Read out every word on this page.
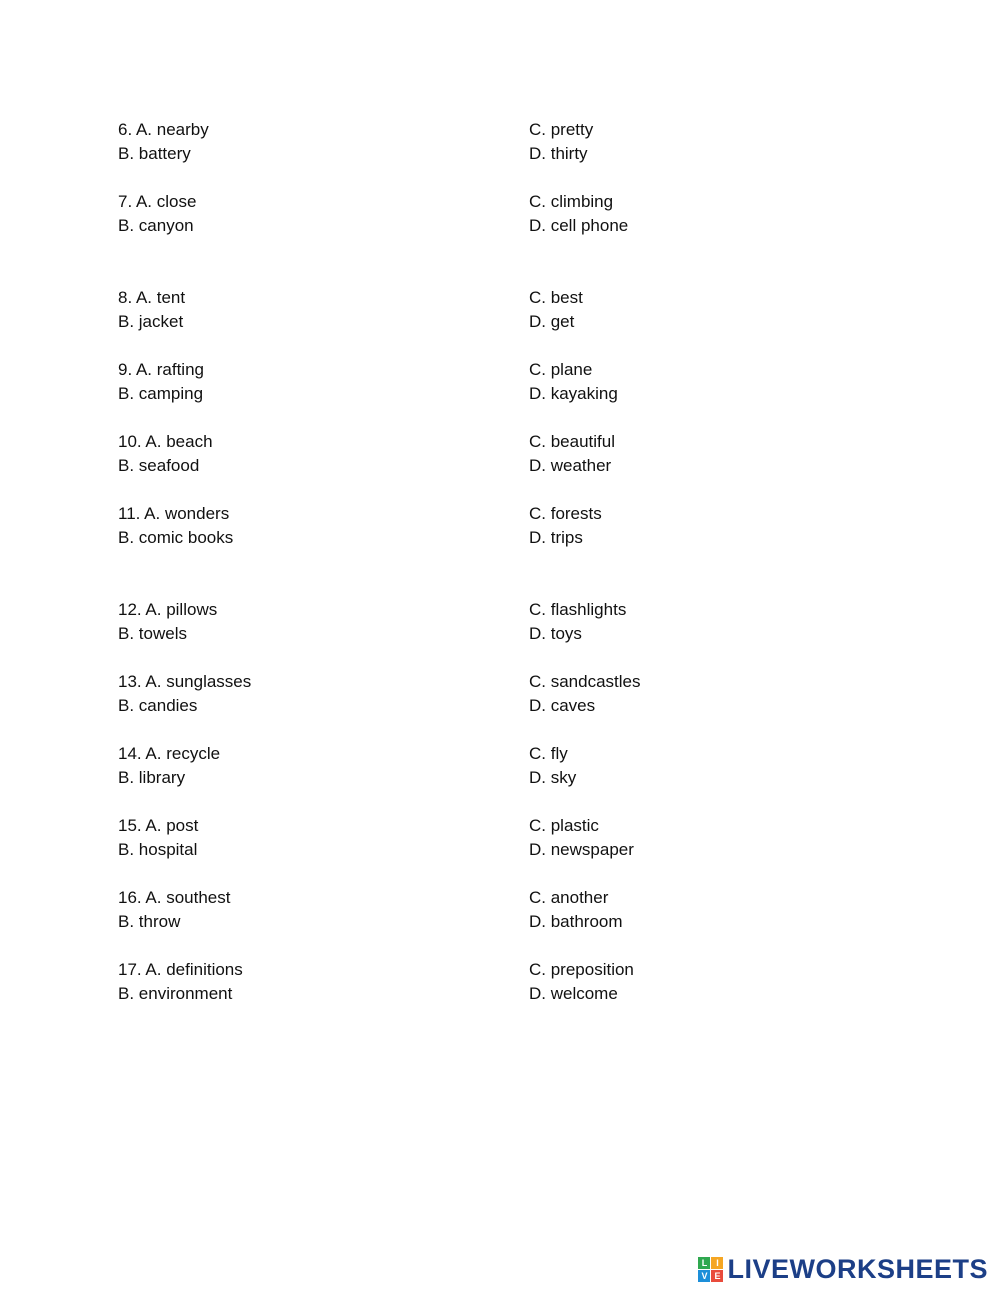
6. A. nearby
B. battery
C. pretty
D. thirty
7. A. close
B. canyon
C. climbing
D. cell phone
8. A. tent
B. jacket
C. best
D. get
9. A. rafting
B. camping
C. plane
D. kayaking
10. A. beach
B. seafood
C. beautiful
D. weather
11. A. wonders
B. comic books
C. forests
D. trips
12. A. pillows
B. towels
C. flashlights
D. toys
13. A. sunglasses
B. candies
C. sandcastles
D. caves
14. A. recycle
B. library
C. fly
D. sky
15. A. post
B. hospital
C. plastic
D. newspaper
16. A. southest
B. throw
C. another
D. bathroom
17. A. definitions
B. environment
C. preposition
D. welcome
L I
V E LIVEWORKSHEETS
